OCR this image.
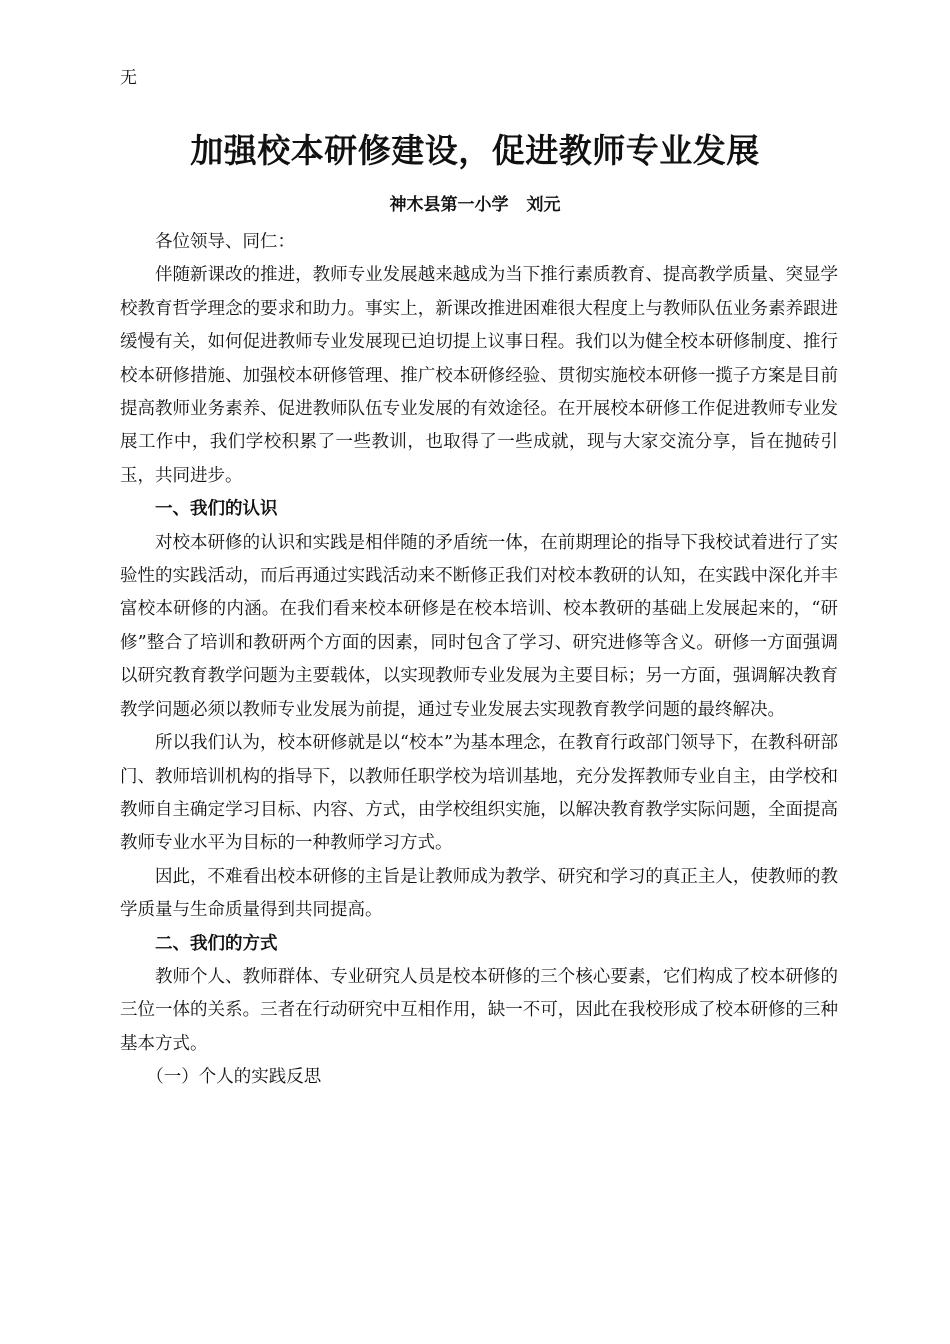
无
加强校本研修建设，促进教师专业发展
神木县第一小学 刘元

各位领导、同仁：

伴随新课改的推进，教师专业发展越来越成为当下推行素质教育、提高教学质量、突显学校教育哲学理念的要求和助力。事实上，新课改推进困难很大程度上与教师队伍业务素养跟进缓慢有关，如何促进教师专业发展现已迫切提上议事日程。我们以为健全校本研修制度、推行校本研修措施、加强校本研修管理、推广校本研修经验、贯彻实施校本研修一揽子方案是目前提高教师业务素养、促进教师队伍专业发展的有效途径。在开展校本研修工作促进教师专业发展工作中，我们学校积累了一些教训，也取得了一些成就，现与大家交流分享，旨在抛砖引玉，共同进步。

一、我们的认识

对校本研修的认识和实践是相伴随的矛盾统一体，在前期理论的指导下我校试着进行了实验性的实践活动，而后再通过实践活动来不断修正我们对校本教研的认知，在实践中深化并丰富校本研修的内涵。在我们看来校本研修是在校本培训、校本教研的基础上发展起来的，“研修”整合了培训和教研两个方面的因素，同时包含了学习、研究进修等含义。研修一方面强调以研究教育教学问题为主要载体，以实现教师专业发展为主要目标；另一方面，强调解决教育教学问题必须以教师专业发展为前提，通过专业发展去实现教育教学问题的最终解决。

所以我们认为，校本研修就是以“校本”为基本理念，在教育行政部门领导下，在教科研部门、教师培训机构的指导下，以教师任职学校为培训基地，充分发挥教师专业自主，由学校和教师自主确定学习目标、内容、方式，由学校组织实施，以解决教育教学实际问题，全面提高教师专业水平为目标的一种教师学习方式。

因此，不难看出校本研修的主旨是让教师成为教学、研究和学习的真正主人，使教师的教学质量与生命质量得到共同提高。

二、我们的方式

教师个人、教师群体、专业研究人员是校本研修的三个核心要素，它们构成了校本研修的三位一体的关系。三者在行动研究中互相作用，缺一不可，因此在我校形成了校本研修的三种基本方式。

（一）个人的实践反思
